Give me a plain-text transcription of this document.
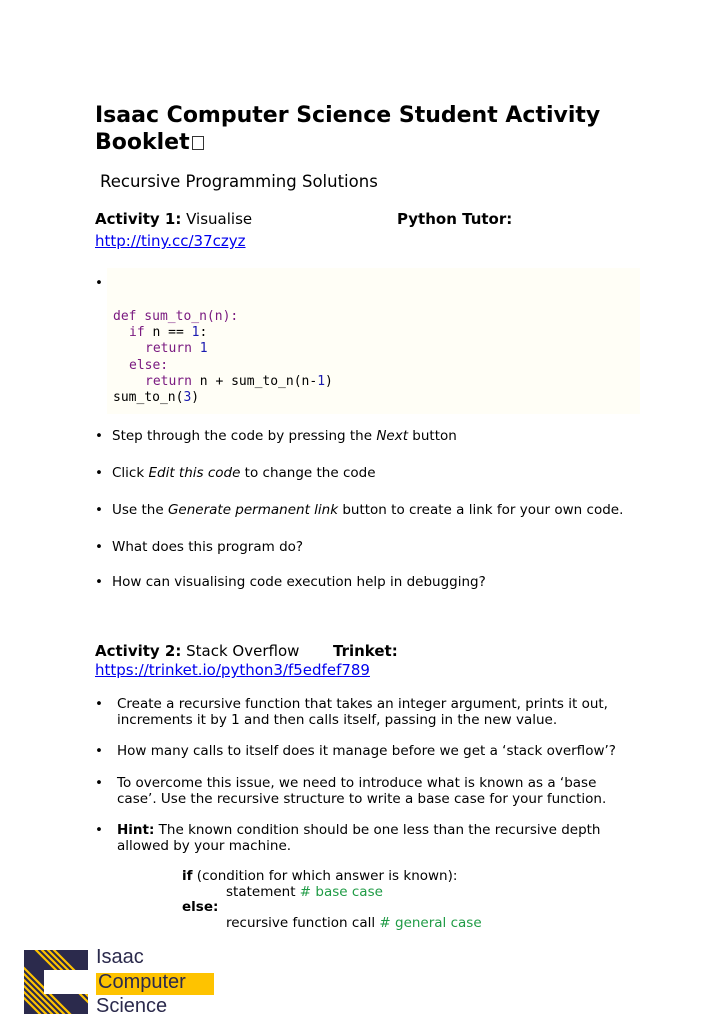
Isaac Computer Science Student Activity Booklet
Recursive Programming Solutions
Activity 1: Visualise	Python Tutor:
http://tiny.cc/37czyz
•
def sum_to_n(n):
if n == 1:
return 1
else:
return n + sum_to_n(n-1)
sum_to_n(3)
• Step through the code by pressing the Next button
• Click Edit this code to change the code
• Use the Generate permanent link button to create a link for your own code.
• What does this program do?
• How can visualising code execution help in debugging?
Activity 2: Stack Overflow Trinket:
https://trinket.io/python3/f5edfef789
• Create a recursive function that takes an integer argument, prints it out, increments it by 1 and then calls itself, passing in the new value.
• How many calls to itself does it manage before we get a ‘stack overflow’?
• To overcome this issue, we need to introduce what is known as a ‘base case’. Use the recursive structure to write a base case for your function.
• Hint: The known condition should be one less than the recursive depth allowed by your machine.
if (condition for which answer is known):
statement # base case
else:
recursive function call # general case
Isaac
Computer
Science
